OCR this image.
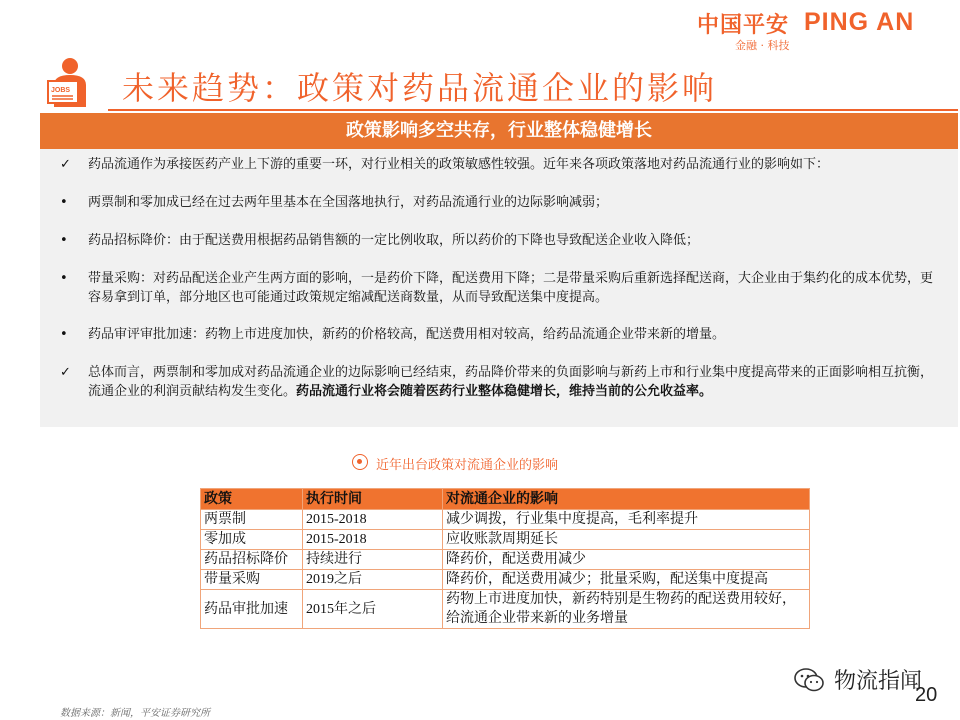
中国平安 PING AN
金融 · 科技
JOBS 未来趋势：政策对药品流通企业的影响
政策影响多空共存，行业整体稳健增长
✓ 药品流通作为承接医药产业上下游的重要一环，对行业相关的政策敏感性较强。近年来各项政策落地对药品流通行业的影响如下：
•	两票制和零加成已经在过去两年里基本在全国落地执行，对药品流通行业的边际影响减弱；
•	药品招标降价：由于配送费用根据药品销售额的一定比例收取，所以药价的下降也导致配送企业收入降低；
•	带量采购：对药品配送企业产生两方面的影响，一是药价下降，配送费用下降；二是带量采购后重新选择配送商，大企业由于集约化的成本优势，更容易拿到订单，部分地区也可能通过政策规定缩减配送商数量，从而导致配送集中度提高。
•	药品审评审批加速：药物上市进度加快，新药的价格较高，配送费用相对较高，给药品流通企业带来新的增量。
✓ 总体而言，两票制和零加成对药品流通企业的边际影响已经结束，药品降价带来的负面影响与新药上市和行业集中度提高带来的正面影响相互抗衡，流通企业的利润贡献结构发生变化。药品流通行业将会随着医药行业整体稳健增长，维持当前的公允收益率。
近年出台政策对流通企业的影响
政策	执行时间	对流通企业的影响
两票制	2015-2018	减少调拨，行业集中度提高，毛利率提升
零加成	2015-2018	应收账款周期延长
药品招标降价	持续进行	降药价，配送费用减少
带量采购	2019之后	降药价，配送费用减少；批量采购，配送集中度提高
药品审批加速	2015年之后	药物上市进度加快，新药特别是生物药的配送费用较好，给流通企业带来新的业务增量
数据来源：新闻，平安证券研究所
物流指闻
20
